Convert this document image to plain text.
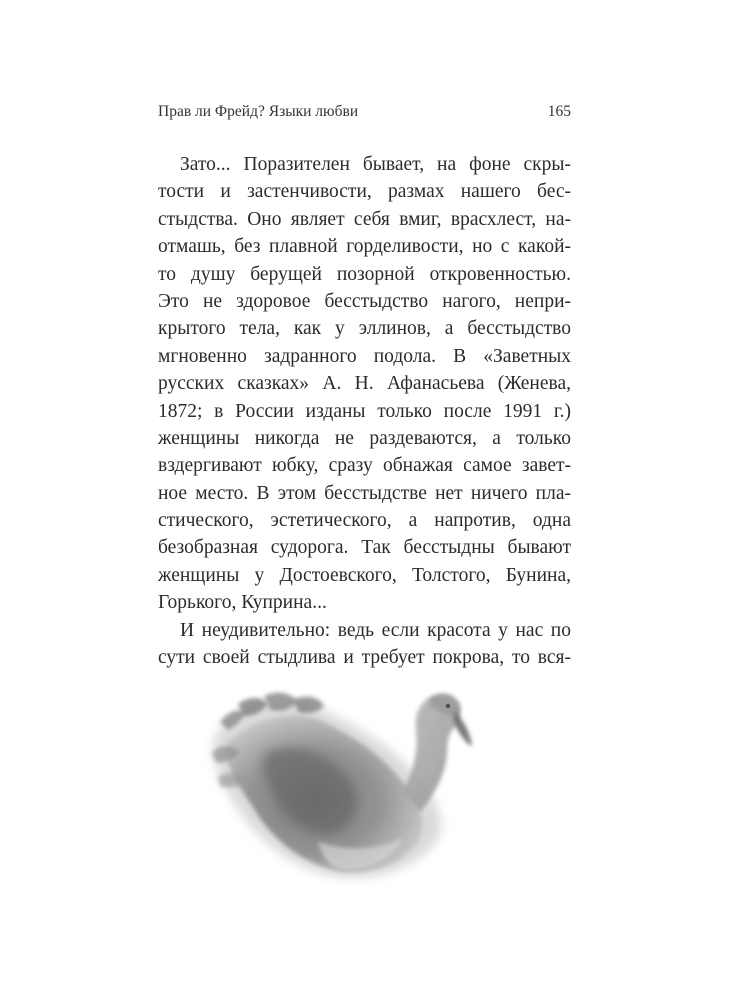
Прав ли Фрейд? Языки любви	165
Зато... Поразителен бывает, на фоне скры-
тости и застенчивости, размах нашего бес-
стыдства. Оно являет себя вмиг, врасхлест, на-
отмашь, без плавной горделивости, но с какой-
то душу берущей позорной откровенностью.
Это не здоровое бесстыдство нагого, непри-
крытого тела, как у эллинов, а бесстыдство
мгновенно задранного подола. В «Заветных
русских сказках» А. Н. Афанасьева (Женева,
1872; в России изданы только после 1991 г.)
женщины никогда не раздеваются, а только
вздергивают юбку, сразу обнажая самое завет-
ное место. В этом бесстыдстве нет ничего пла-
стического, эстетического, а напротив, одна
безобразная судорога. Так бесстыдны бывают
женщины у Достоевского, Толстого, Бунина,
Горького, Куприна...
И неудивительно: ведь если красота у нас по
сути своей стыдлива и требует покрова, то вся-
